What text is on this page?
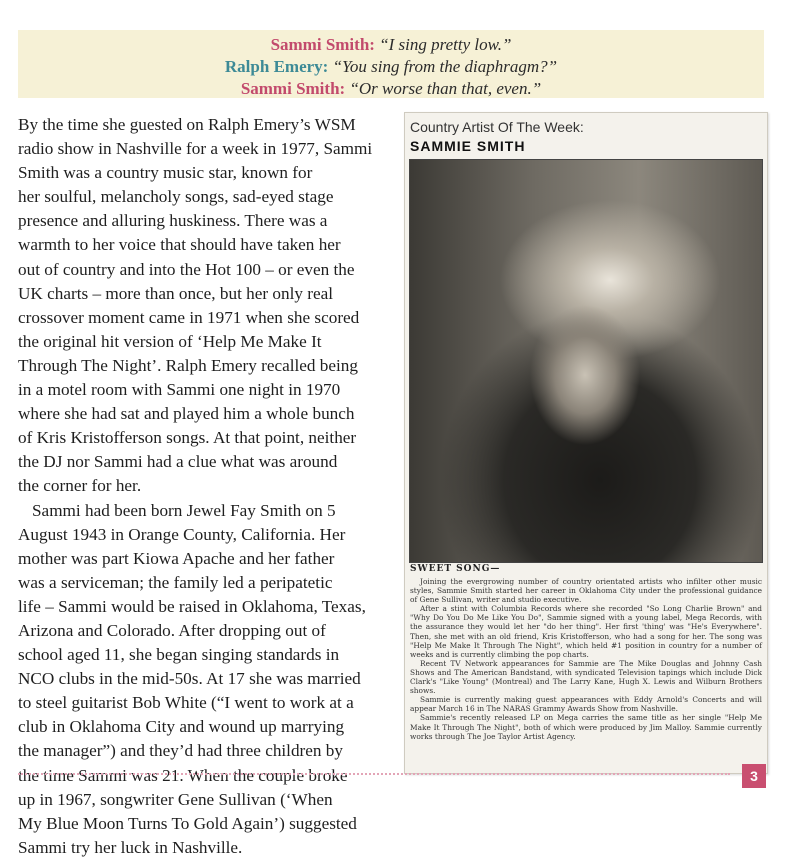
Sammi Smith: “I sing pretty low.”
Ralph Emery: “You sing from the diaphragm?”
Sammi Smith: “Or worse than that, even.”

By the time she guested on Ralph Emery’s WSM
radio show in Nashville for a week in 1977, Sammi
Smith was a country music star, known for
her soulful, melancholy songs, sad-eyed stage
presence and alluring huskiness. There was a
warmth to her voice that should have taken her
out of country and into the Hot 100 – or even the
UK charts – more than once, but her only real
crossover moment came in 1971 when she scored
the original hit version of ‘Help Me Make It
Through The Night’. Ralph Emery recalled being
in a motel room with Sammi one night in 1970
where she had sat and played him a whole bunch
of Kris Kristofferson songs. At that point, neither
the DJ nor Sammi had a clue what was around
the corner for her.

Sammi had been born Jewel Fay Smith on 5
August 1943 in Orange County, California. Her
mother was part Kiowa Apache and her father
was a serviceman; the family led a peripatetic
life – Sammi would be raised in Oklahoma, Texas,
Arizona and Colorado. After dropping out of
school aged 11, she began singing standards in
NCO clubs in the mid-50s. At 17 she was married
to steel guitarist Bob White (“I went to work at a
club in Oklahoma City and wound up marrying
the manager”) and they’d had three children by
the time Sammi was 21. When the couple broke
up in 1967, songwriter Gene Sullivan (‘When
My Blue Moon Turns To Gold Again’) suggested
Sammi try her luck in Nashville.

Country Artist Of The Week:
SAMMIE SMITH
SWEET SONG—

Joining the evergrowing number of country orientated artists who infilter other music styles, Sammie Smith started her career in Oklahoma City under the professional guidance of Gene Sullivan, writer and studio executive.

After a stint with Columbia Records where she recorded "So Long Charlie Brown" and "Why Do You Do Me Like You Do", Sammie signed with a young label, Mega Records, with the assurance they would let her "do her thing". Her first 'thing' was "He's Everywhere". Then, she met with an old friend, Kris Kristofferson, who had a song for her. The song was "Help Me Make It Through The Night", which held #1 position in country for a number of weeks and is currently climbing the pop charts.

Recent TV Network appearances for Sammie are The Mike Douglas and Johnny Cash Shows and The American Bandstand, with syndicated Television tapings which include Dick Clark's "Like Young" (Montreal) and The Larry Kane, Hugh X. Lewis and Wilburn Brothers shows.

Sammie is currently making guest appearances with Eddy Arnold's Concerts and will appear March 16 in The NARAS Grammy Awards Show from Nashville.

Sammie's recently released LP on Mega carries the same title as her single "Help Me Make It Through The Night", both of which were produced by Jim Malloy. Sammie currently works through The Joe Taylor Artist Agency.

3
